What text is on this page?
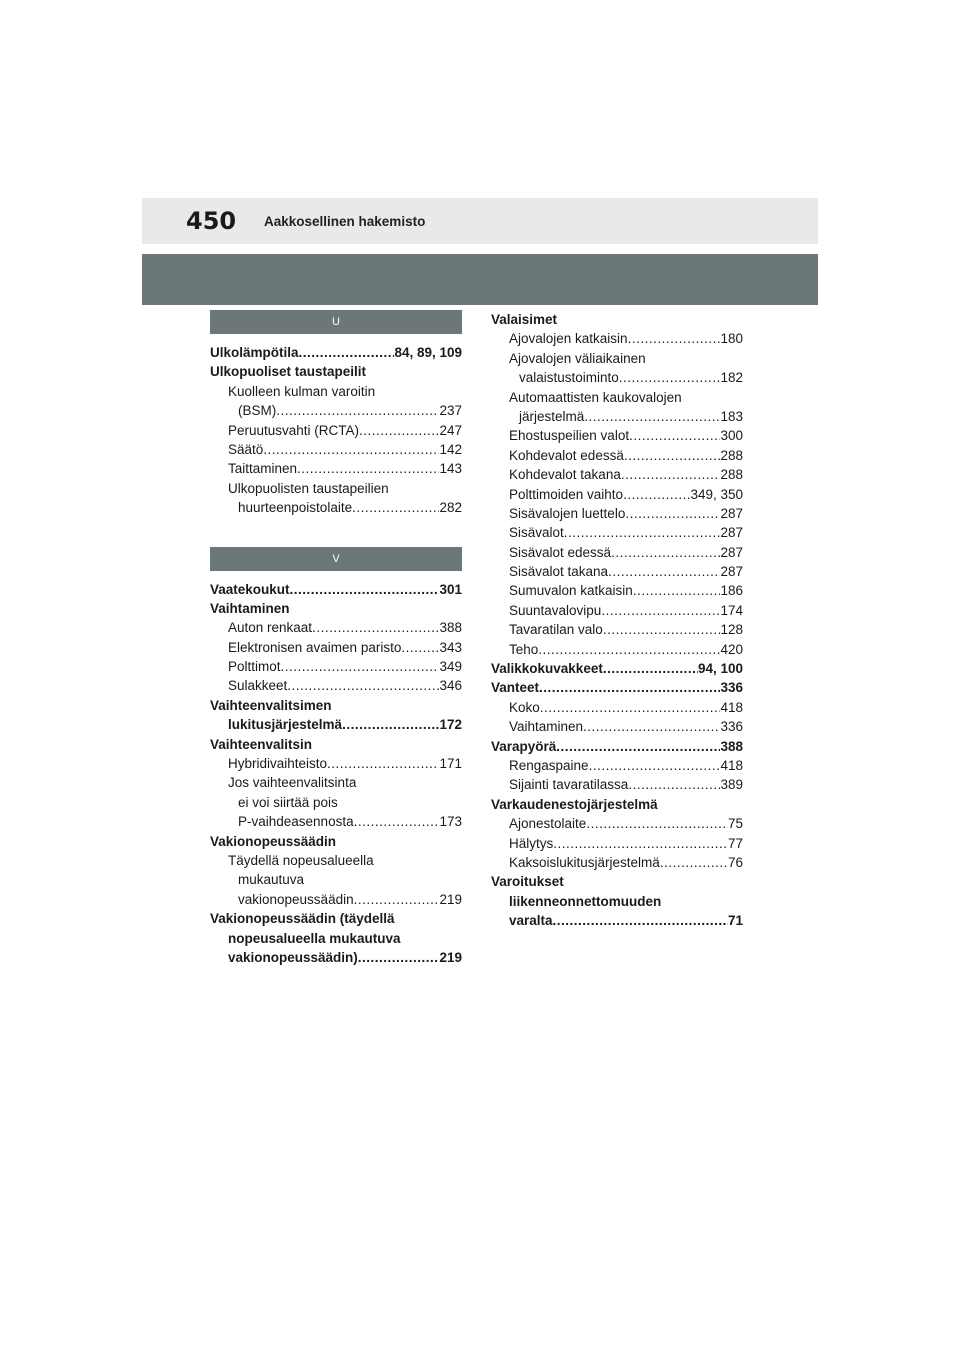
450	Aakkosellinen hakemisto
U
Ulkolämpötila .....	84, 89, 109
Ulkopuoliset taustapeilit
Kuolleen kulman varoitin
(BSM) .....	237
Peruutusvahti (RCTA) .....	247
Säätö .....	142
Taittaminen .....	143
Ulkopuolisten taustapeilien
huurteenpoistolaite .....	282
V
Vaatekoukut .....	301
Vaihtaminen
Auton renkaat .....	388
Elektronisen avaimen paristo .....	343
Polttimot .....	349
Sulakkeet .....	346
Vaihteenvalitsimen
lukitusjärjestelmä .....	172
Vaihteenvalitsin
Hybridivaihteisto .....	171
Jos vaihteenvalitsinta
ei voi siirtää pois
P-vaihdeasennosta .....	173
Vakionopeussäädin
Täydellä nopeusalueella
mukautuva
vakionopeussäädin .....	219
Vakionopeussäädin (täydellä
nopeusalueella mukautuva
vakionopeussäädin) .....	219
Valaisimet
Ajovalojen katkaisin .....	180
Ajovalojen väliaikainen
valaistustoiminto .....	182
Automaattisten kaukovalojen
järjestelmä .....	183
Ehostuspeilien valot .....	300
Kohdevalot edessä .....	288
Kohdevalot takana .....	288
Polttimoiden vaihto .....	349, 350
Sisävalojen luettelo .....	287
Sisävalot .....	287
Sisävalot edessä .....	287
Sisävalot takana .....	287
Sumuvalon katkaisin .....	186
Suuntavalovipu .....	174
Tavaratilan valo .....	128
Teho .....	420
Valikkokuvakkeet .....	94, 100
Vanteet .....	336
Koko .....	418
Vaihtaminen .....	336
Varapyörä .....	388
Rengaspaine .....	418
Sijainti tavaratilassa .....	389
Varkaudenestojärjestelmä
Ajonestolaite .....	75
Hälytys .....	77
Kaksoislukitusjärjestelmä .....	76
Varoitukset
liikenneonnettomuuden
varalta .....	71
